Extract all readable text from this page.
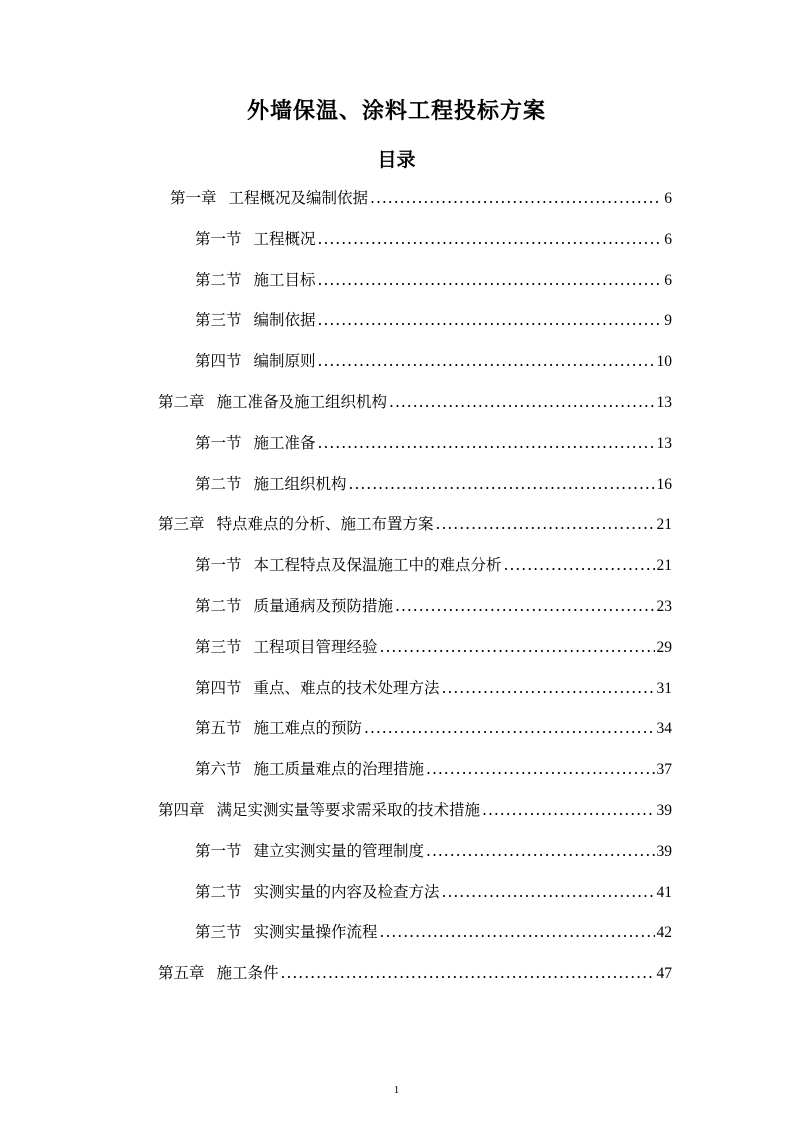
外墙保温、涂料工程投标方案
目录
第一章 工程概况及编制依据 .....	6
第一节 工程概况 .....	6
第二节 施工目标 .....	6
第三节 编制依据 .....	9
第四节 编制原则 .....	10
第二章 施工准备及施工组织机构 .....	13
第一节 施工准备 .....	13
第二节 施工组织机构 .....	16
第三章 特点难点的分析、施工布置方案 .....	21
第一节 本工程特点及保温施工中的难点分析 .....	21
第二节 质量通病及预防措施 .....	23
第三节 工程项目管理经验 .....	29
第四节 重点、难点的技术处理方法 .....	31
第五节 施工难点的预防 .....	34
第六节 施工质量难点的治理措施 .....	37
第四章 满足实测实量等要求需采取的技术措施 .....	39
第一节 建立实测实量的管理制度 .....	39
第二节 实测实量的内容及检查方法 .....	41
第三节 实测实量操作流程 .....	42
第五章 施工条件 .....	47
1
